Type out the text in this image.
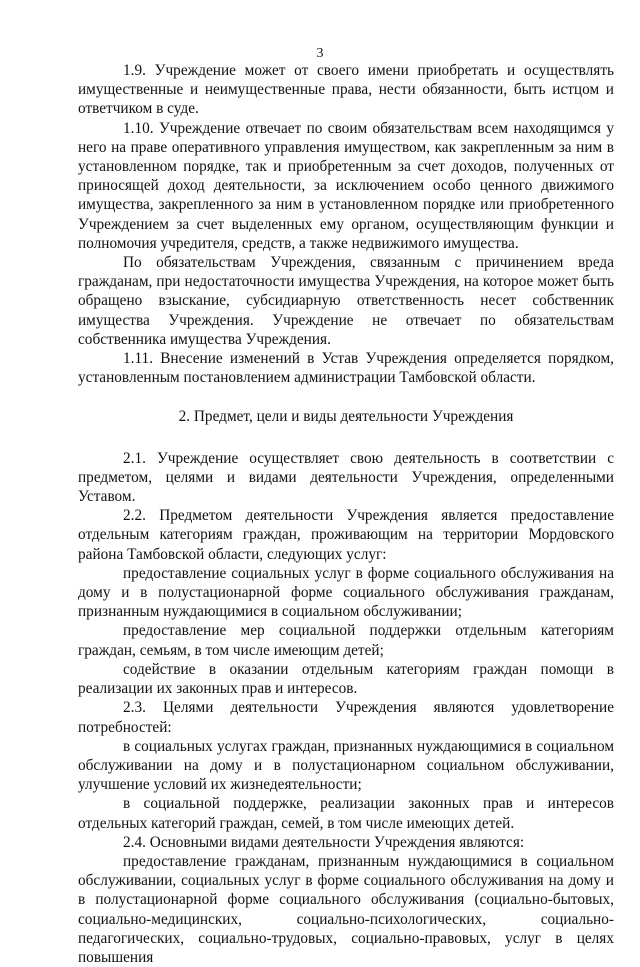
3

1.9. Учреждение может от своего имени приобретать и осуществлять имущественные и неимущественные права, нести обязанности, быть истцом и ответчиком в суде.

1.10. Учреждение отвечает по своим обязательствам всем находящимся у него на праве оперативного управления имуществом, как закрепленным за ним в установленном порядке, так и приобретенным за счет доходов, полученных от приносящей доход деятельности, за исключением особо ценного движимого имущества, закрепленного за ним в установленном порядке или приобретенного Учреждением за счет выделенных ему органом, осуществляющим функции и полномочия учредителя, средств, а также недвижимого имущества.

По обязательствам Учреждения, связанным с причинением вреда гражданам, при недостаточности имущества Учреждения, на которое может быть обращено взыскание, субсидиарную ответственность несет собственник имущества Учреждения. Учреждение не отвечает по обязательствам собственника имущества Учреждения.

1.11. Внесение изменений в Устав Учреждения определяется порядком, установленным постановлением администрации Тамбовской области.

2. Предмет, цели и виды деятельности Учреждения

2.1. Учреждение осуществляет свою деятельность в соответствии с предметом, целями и видами деятельности Учреждения, определенными Уставом.

2.2. Предметом деятельности Учреждения является предоставление отдельным категориям граждан, проживающим на территории Мордовского района Тамбовской области, следующих услуг:

предоставление социальных услуг в форме социального обслуживания на дому и в полустационарной форме социального обслуживания гражданам, признанным нуждающимися в социальном обслуживании;

предоставление мер социальной поддержки отдельным категориям граждан, семьям, в том числе имеющим детей;

содействие в оказании отдельным категориям граждан помощи в реализации их законных прав и интересов.

2.3. Целями деятельности Учреждения являются удовлетворение потребностей:

в социальных услугах граждан, признанных нуждающимися в социальном обслуживании на дому и в полустационарном социальном обслуживании, улучшение условий их жизнедеятельности;

в социальной поддержке, реализации законных прав и интересов отдельных категорий граждан, семей, в том числе имеющих детей.

2.4. Основными видами деятельности Учреждения являются:

предоставление гражданам, признанным нуждающимися в социальном обслуживании, социальных услуг в форме социального обслуживания на дому и в полустационарной форме социального обслуживания (социально-бытовых, социально-медицинских, социально-психологических, социально-педагогических, социально-трудовых, социально-правовых, услуг в целях повышения
